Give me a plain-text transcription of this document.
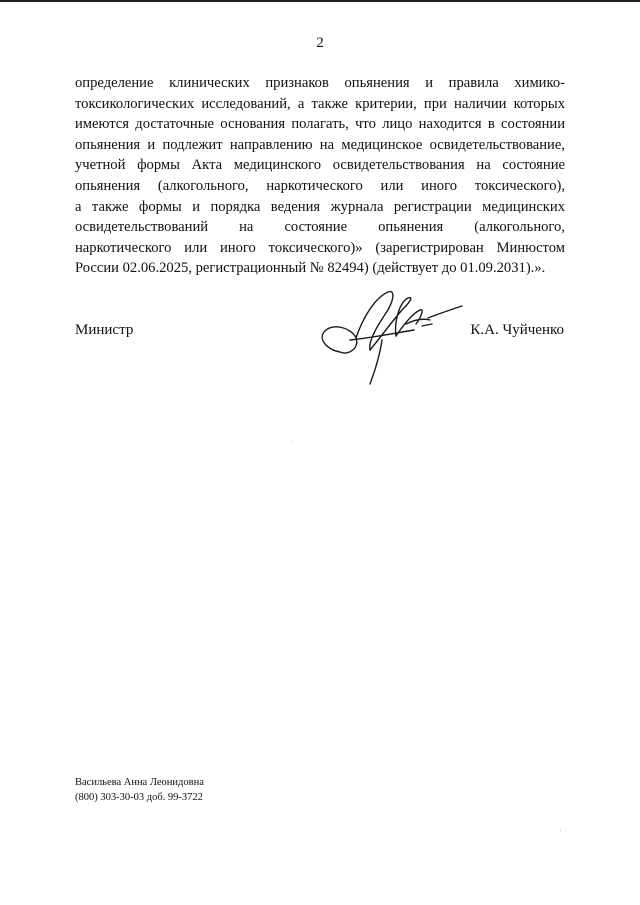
2
определение клинических признаков опьянения и правила химико-
токсикологических исследований, а также критерии, при наличии которых
имеются достаточные основания полагать, что лицо находится в состоянии
опьянения и подлежит направлению на медицинское освидетельствование,
учетной формы Акта медицинского освидетельствования на состояние
опьянения (алкогольного, наркотического или иного токсического),
а также формы и порядка ведения журнала регистрации медицинских
освидетельствований на состояние опьянения (алкогольного,
наркотического или иного токсического)» (зарегистрирован Минюстом
России 02.06.2025, регистрационный № 82494) (действует до 01.09.2031).».
Министр	К.А. Чуйченко
Васильева Анна Леонидовна
(800) 303-30-03 доб. 99-3722
